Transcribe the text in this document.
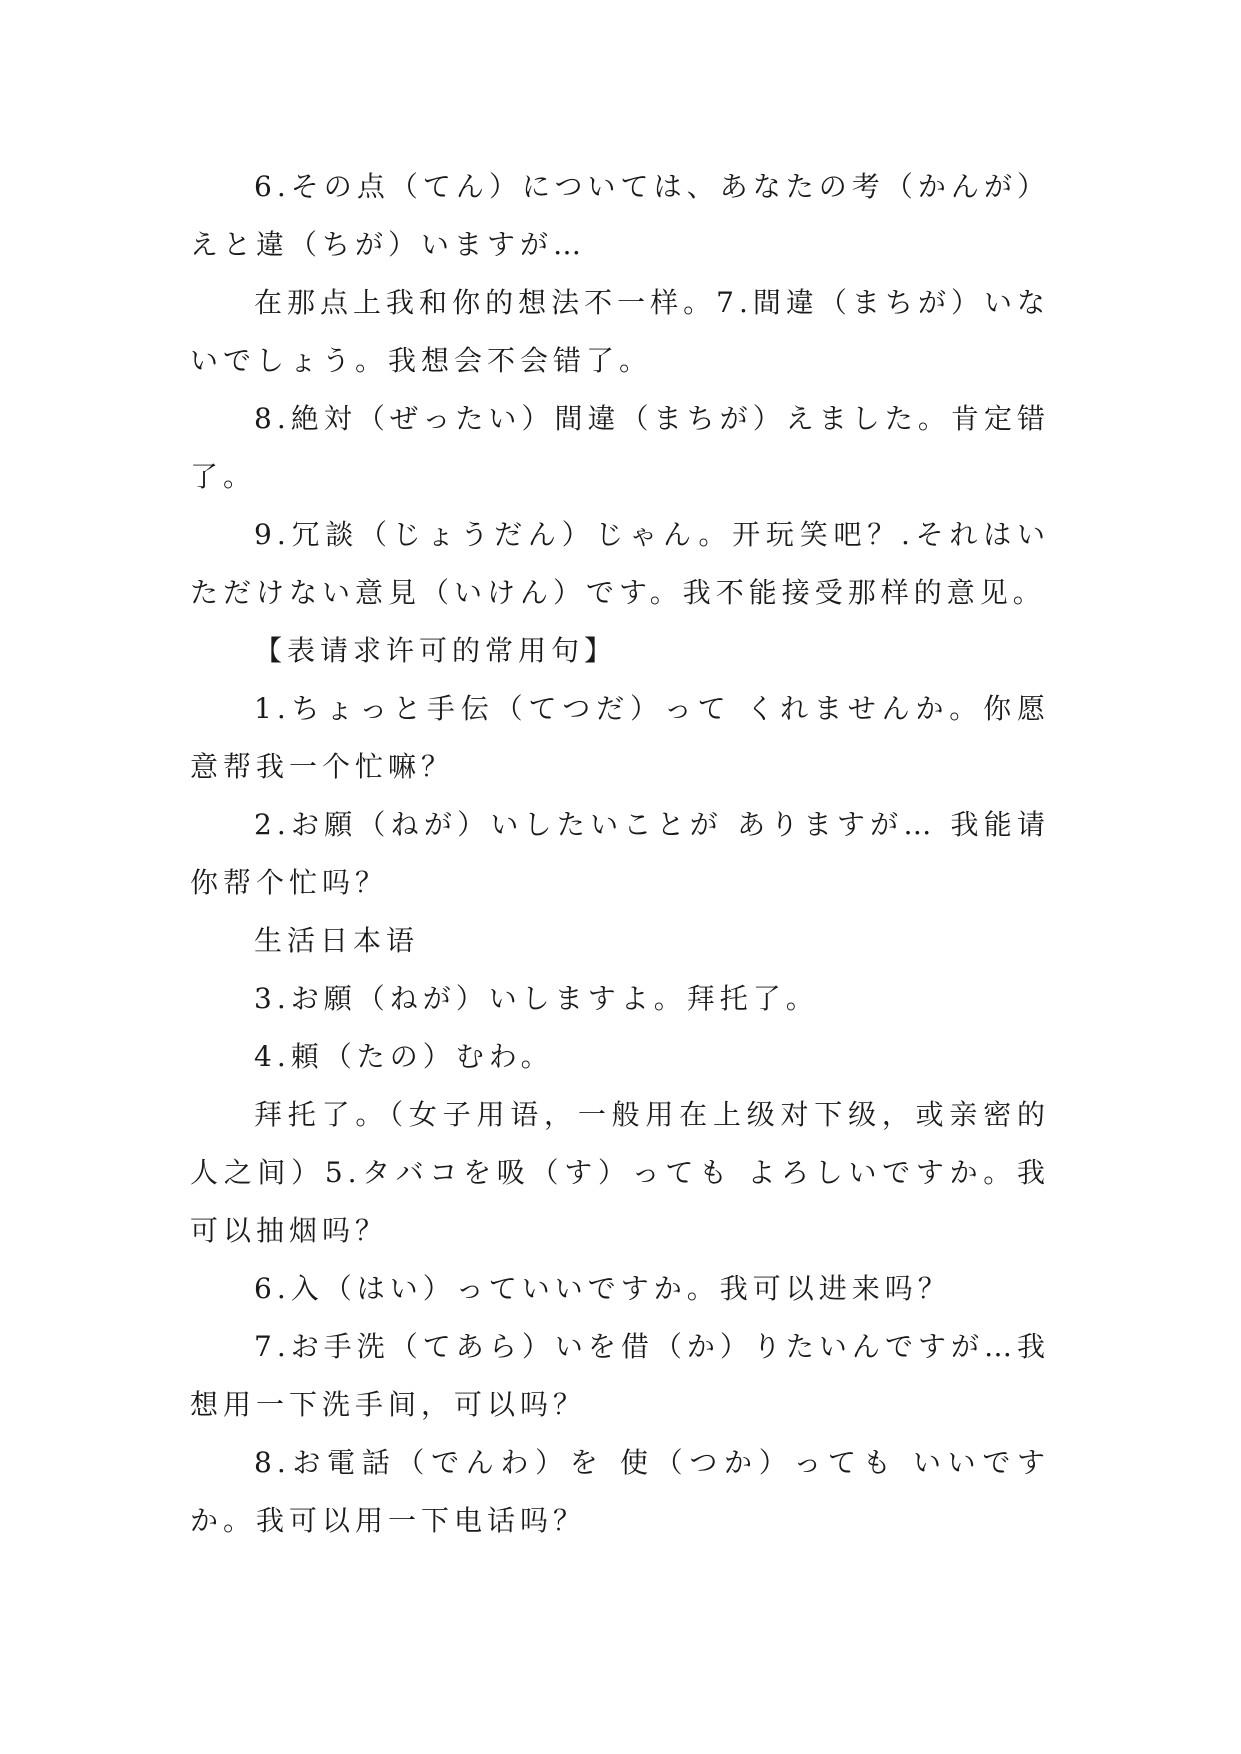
6.その点（てん）については、あなたの考（かんが）えと違（ちが）いますが…

在那点上我和你的想法不一样。7.間違（まちが）いないでしょう。我想会不会错了。

8.絶対（ぜったい）間違（まちが）えました。肯定错了。

9.冗談（じょうだん）じゃん。开玩笑吧？.それはいただけない意見（いけん）です。我不能接受那样的意见。

【表请求许可的常用句】

1.ちょっと手伝（てつだ）って くれませんか。你愿意帮我一个忙嘛？

2.お願（ねが）いしたいことが ありますが… 我能请你帮个忙吗？

生活日本语

3.お願（ねが）いしますよ。拜托了。

4.頼（たの）むわ。

拜托了。（女子用语，一般用在上级对下级，或亲密的人之间）5.タバコを吸（す）っても よろしいですか。我可以抽烟吗？

6.入（はい）っていいですか。我可以进来吗？

7.お手洗（てあら）いを借（か）りたいんですが…我想用一下洗手间，可以吗？

8.お電話（でんわ）を 使（つか）っても いいですか。我可以用一下电话吗？
